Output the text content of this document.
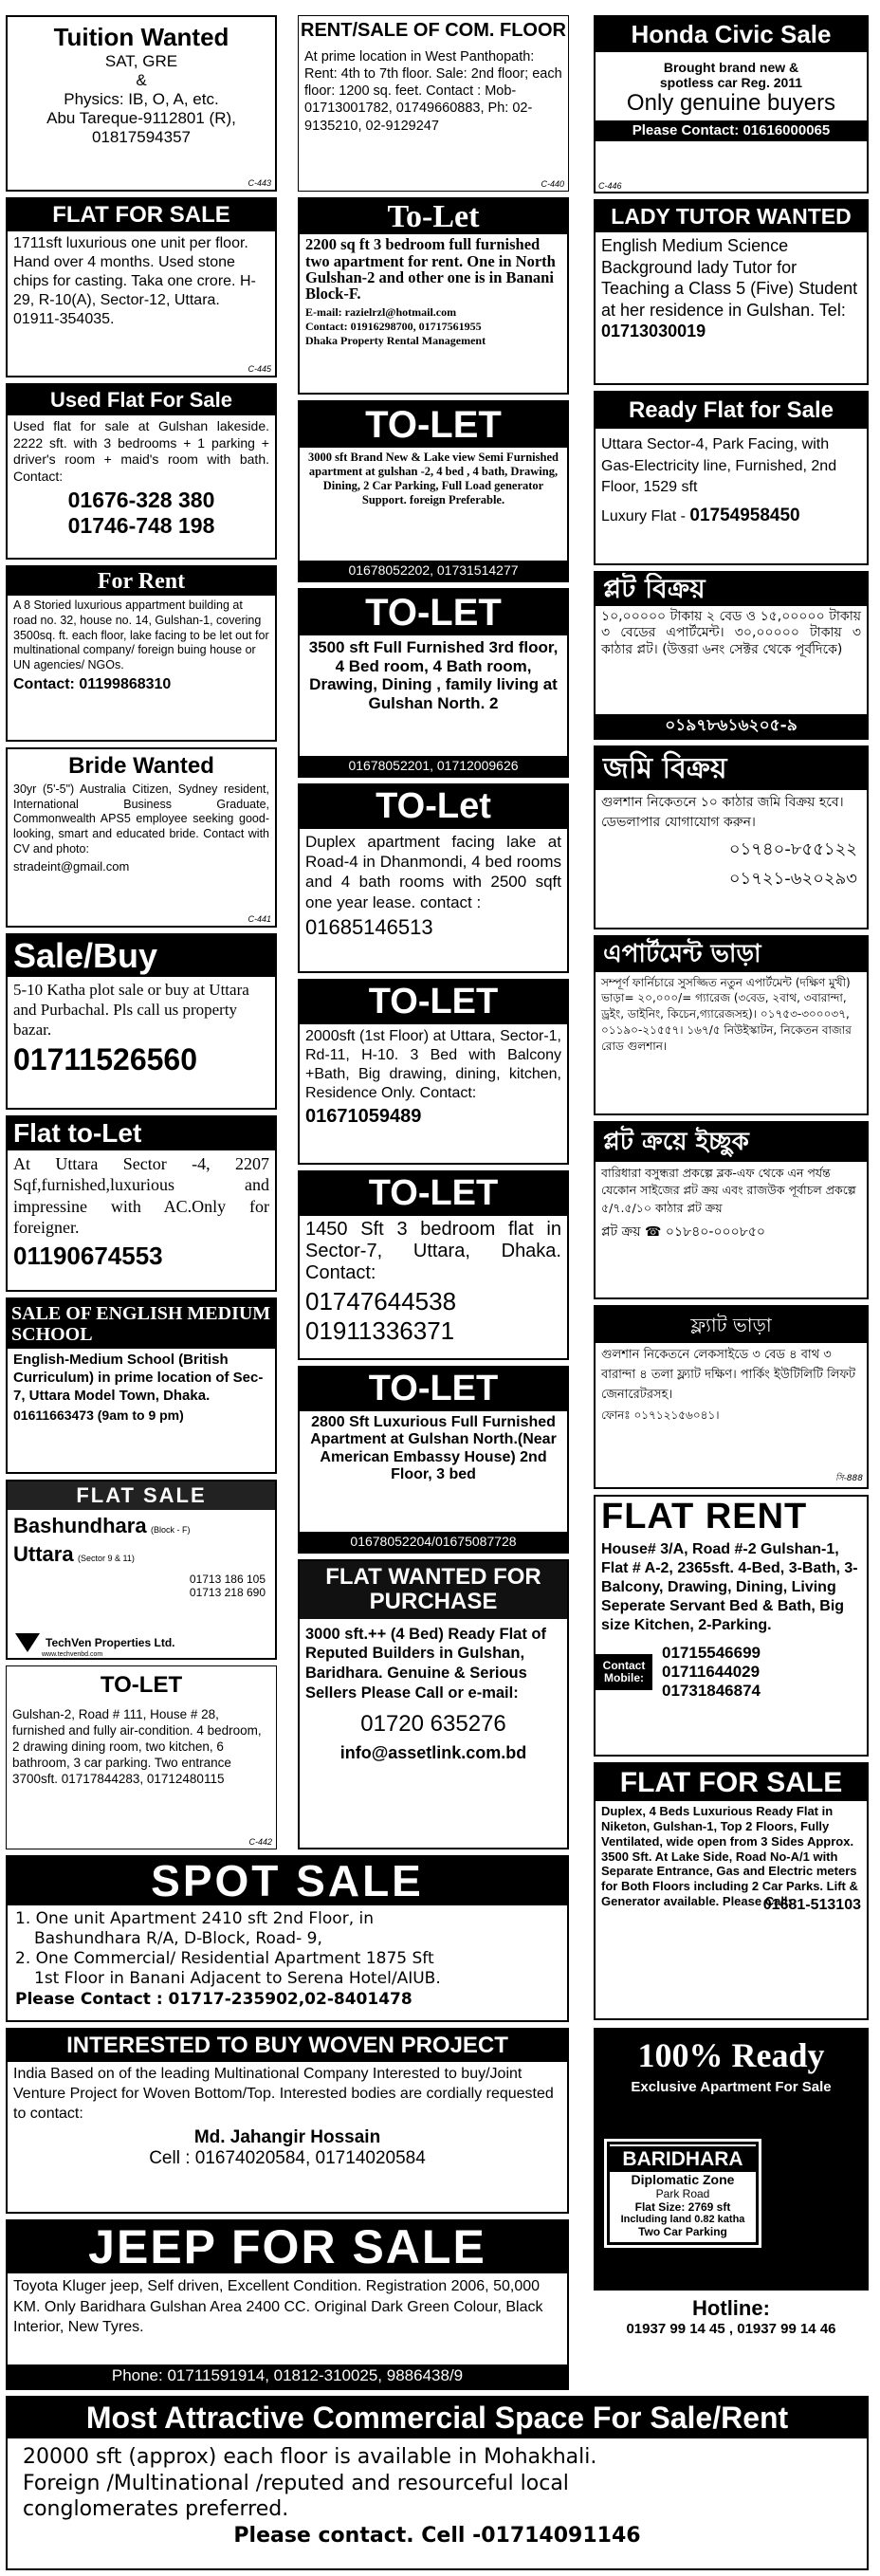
Tuition Wanted
SAT, GRE
&
Physics: IB, O, A, etc.
Abu Tareque-9112801 (R),
01817594357
C-443
FLAT FOR SALE
1711sft luxurious one unit per floor. Hand over 4 months. Used stone chips for casting. Taka one crore. H-29, R-10(A), Sector-12, Uttara. 01911-354035.
C-445
Used Flat For Sale
Used flat for sale at Gulshan lakeside. 2222 sft. with 3 bedrooms + 1 parking + driver's room + maid's room with bath. Contact:
01676-328 380
01746-748 198
For Rent
A 8 Storied luxurious appartment building at road no. 32, house no. 14, Gulshan-1, covering 3500sq. ft. each floor, lake facing to be let out for multinational company/ foreign buing house or UN agencies/ NGOs.
Contact: 01199868310
Bride Wanted
30yr (5'-5") Australia Citizen, Sydney resident, International Business Graduate, Commonwealth APS5 employee seeking good-looking, smart and educated bride. Contact with CV and photo:
stradeint@gmail.com
C-441
Sale/Buy
5-10 Katha plot sale or buy at Uttara and Purbachal. Pls call us property bazar.
01711526560
Flat to-Let
At Uttara Sector -4, 2207 Sqf,furnished,luxurious and impressine with AC.Only for foreigner.
01190674553
SALE OF ENGLISH MEDIUM SCHOOL
English-Medium School (British Curriculum) in prime location of Sec-7, Uttara Model Town, Dhaka.
01611663473 (9am to 9 pm)
FLAT SALE
Bashundhara (Block - F)
Uttara (Sector 9 & 11)
01713 186 105
01713 218 690
TechVen Properties Ltd.
www.techvenbd.com
TO-LET
Gulshan-2, Road # 111, House # 28, furnished and fully air-condition. 4 bedroom, 2 drawing dining room, two kitchen, 6 bathroom, 3 car parking. Two entrance 3700sft. 01717844283, 01712480115
C-442
RENT/SALE OF COM. FLOOR
At prime location in West Panthopath: Rent: 4th to 7th floor. Sale: 2nd floor; each floor: 1200 sq. feet. Contact : Mob- 01713001782, 01749660883, Ph: 02-9135210, 02-9129247
C-440
To-Let
2200 sq ft 3 bedroom full furnished two apartment for rent. One in North Gulshan-2 and other one is in Banani Block-F.
E-mail: razielrzl@hotmail.com
Contact: 01916298700, 01717561955
Dhaka Property Rental Management
TO-LET
3000 sft Brand New & Lake view Semi Furnished apartment at gulshan -2, 4 bed , 4 bath, Drawing, Dining, 2 Car Parking, Full Load generator Support. foreign Preferable.
01678052202, 01731514277
TO-LET
3500 sft Full Furnished 3rd floor, 4 Bed room, 4 Bath room, Drawing, Dining , family living at Gulshan North. 2
01678052201, 01712009626
TO-Let
Duplex apartment facing lake at Road-4 in Dhanmondi, 4 bed rooms and 4 bath rooms with 2500 sqft one year lease. contact :
01685146513
TO-LET
2000sft (1st Floor) at Uttara, Sector-1, Rd-11, H-10. 3 Bed with Balcony +Bath, Big drawing, dining, kitchen, Residence Only. Contact:
01671059489
TO-LET
1450 Sft 3 bedroom flat in Sector-7, Uttara, Dhaka. Contact:
01747644538
01911336371
TO-LET
2800 Sft Luxurious Full Furnished Apartment at Gulshan North.(Near American Embassy House) 2nd Floor, 3 bed
01678052204/01675087728
FLAT WANTED FOR PURCHASE
3000 sft.++ (4 Bed) Ready Flat of Reputed Builders in Gulshan, Baridhara. Genuine & Serious Sellers Please Call or e-mail:
01720 635276
info@assetlink.com.bd
Honda Civic Sale
Brought brand new &
spotless car Reg. 2011
Only genuine buyers
Please Contact: 01616000065
C-446
LADY TUTOR WANTED
English Medium Science Background lady Tutor for Teaching a Class 5 (Five) Student at her residence in Gulshan. Tel: 01713030019
Ready Flat for Sale
Uttara Sector-4, Park Facing, with Gas-Electricity line, Furnished, 2nd Floor, 1529 sft
Luxury Flat - 01754958450
প্লট বিক্রয়
১০,০০০০০ টাকায় ২ বেড ও ১৫,০০০০০ টাকায় ৩ বেডের এপার্টমেন্ট। ৩০,০০০০০ টাকায় ৩ কাঠার প্লট। (উত্তরা ৬নং সেক্টর থেকে পূর্বদিকে)
০১৯৭৮৬১৬২০৫-৯
জমি বিক্রয়
গুলশান নিকেতনে ১০ কাঠার জমি বিক্রয় হবে। ডেভলাপার যোগাযোগ করুন।
০১৭৪০-৮৫৫১২২
০১৭২১-৬২০২৯৩
এপার্টমেন্ট ভাড়া
সম্পূর্ণ ফার্নিচারে সুসজ্জিত নতুন এপার্টমেন্ট (দক্ষিণ মুখী) ভাড়া= ২০,০০০/= গ্যারেজ (৩বেড, ২বাথ, ৩বারান্দা, ড্রইং, ডাইনিং, কিচেন,গ্যারেজসহ)। ০১৭৫৩-৩০০০৩৭, ০১১৯০-২১৫৫৭। ১৬৭/৫ নিউইস্কাটন, নিকেতন বাজার রোড গুলশান।
প্লট ক্রয়ে ইচ্ছুক
বারিধারা বসুন্ধরা প্রকল্পে ব্লক-এফ থেকে এন পর্যন্ত যেকোন সাইজের প্লট ক্রয় এবং রাজউক পূর্বাচল প্রকল্পে ৫/৭.৫/১০ কাঠার প্লট ক্রয়
প্লট ক্রয় ☎ ০১৮৪০-০০০৮৫০
ফ্ল্যাট ভাড়া
গুলশান নিকেতনে লেকসাইডে ৩ বেড ৪ বাথ ৩ বারান্দা ৪ তলা ফ্ল্যাট দক্ষিণ। পার্কিং ইউটিলিটি লিফট জেনারেটরসহ।
ফোনঃ ০১৭১২১৫৬০৪১।
সি-888
FLAT RENT
House# 3/A, Road #-2 Gulshan-1, Flat # A-2, 2365sft. 4-Bed, 3-Bath, 3-Balcony, Drawing, Dining, Living Seperate Servant Bed & Bath, Big size Kitchen, 2-Parking.
Contact Mobile:
01715546699
01711644029
01731846874
FLAT FOR SALE
Duplex, 4 Beds Luxurious Ready Flat in Niketon, Gulshan-1, Top 2 Floors, Fully Ventilated, wide open from 3 Sides Approx. 3500 Sft. At Lake Side, Road No-A/1 with Separate Entrance, Gas and Electric meters for Both Floors including 2 Car Parks. Lift & Generator available. Please Call:
01681-513103
100% Ready
Exclusive Apartment For Sale
BARIDHARA
Diplomatic Zone
Park Road
Flat Size: 2769 sft
Including land 0.82 katha
Two Car Parking
Hotline:
01937 99 14 45 , 01937 99 14 46
SPOT SALE
1. One unit Apartment 2410 sft 2nd Floor, in
Bashundhara R/A, D-Block, Road- 9,
2. One Commercial/ Residential Apartment 1875 Sft
1st Floor in Banani Adjacent to Serena Hotel/AIUB.
Please Contact : 01717-235902,02-8401478
INTERESTED TO BUY WOVEN PROJECT
India Based on of the leading Multinational Company Interested to buy/Joint Venture Project for Woven Bottom/Top. Interested bodies are cordially requested to contact:
Md. Jahangir Hossain
Cell : 01674020584, 01714020584
JEEP FOR SALE
Toyota Kluger jeep, Self driven, Excellent Condition. Registration 2006, 50,000 KM. Only Baridhara Gulshan Area 2400 CC. Original Dark Green Colour, Black Interior, New Tyres.
Phone: 01711591914, 01812-310025, 9886438/9
Most Attractive Commercial Space For Sale/Rent
20000 sft (approx) each floor is available in Mohakhali.
Foreign /Multinational /reputed and resourceful local
conglomerates preferred.
Please contact. Cell -01714091146
